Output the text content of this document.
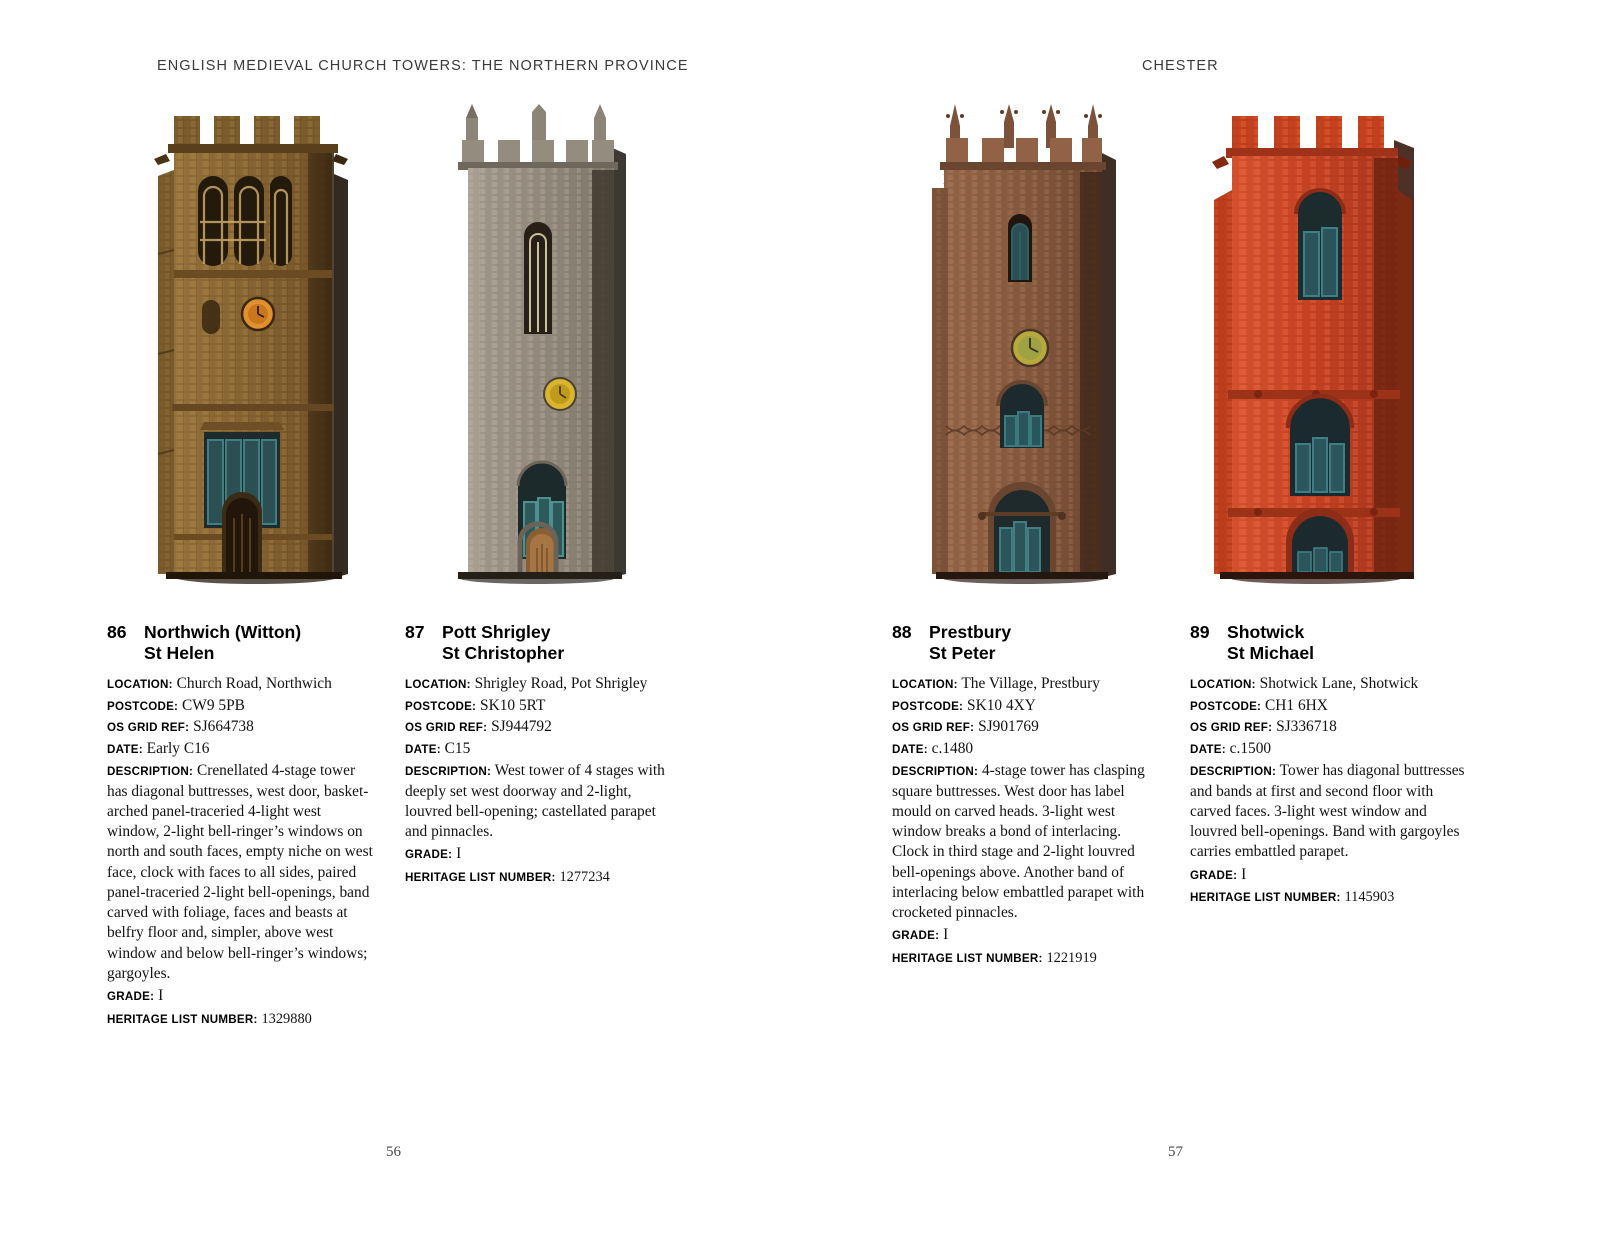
ENGLISH MEDIEVAL CHURCH TOWERS: THE NORTHERN PROVINCE
86 Northwich (Witton)
St Helen

LOCATION: Church Road, Northwich

POSTCODE: CW9 5PB

OS GRID REF: SJ664738

DATE: Early C16

DESCRIPTION: Crenellated 4-stage tower has diagonal buttresses, west door, basket-arched panel-traceried 4-light west window, 2-light bell-ringer’s windows on north and south faces, empty niche on west face, clock with faces to all sides, paired panel-traceried 2-light bell-openings, band carved with foliage, faces and beasts at belfry floor and, simpler, above west window and below bell-ringer’s windows; gargoyles.

GRADE: I

HERITAGE LIST NUMBER: 1329880

87 Pott Shrigley
St Christopher

LOCATION: Shrigley Road, Pot Shrigley

POSTCODE: SK10 5RT

OS GRID REF: SJ944792

DATE: C15

DESCRIPTION: West tower of 4 stages with deeply set west doorway and 2-light, louvred bell-opening; castellated parapet and pinnacles.

GRADE: I

HERITAGE LIST NUMBER: 1277234

56
CHESTER
88 Prestbury
St Peter

LOCATION: The Village, Prestbury

POSTCODE: SK10 4XY

OS GRID REF: SJ901769

DATE: c.1480

DESCRIPTION: 4-stage tower has clasping square buttresses. West door has label mould on carved heads. 3-light west window breaks a bond of interlacing. Clock in third stage and 2-light louvred bell-openings above. Another band of interlacing below embattled parapet with crocketed pinnacles.

GRADE: I

HERITAGE LIST NUMBER: 1221919

89 Shotwick
St Michael

LOCATION: Shotwick Lane, Shotwick

POSTCODE: CH1 6HX

OS GRID REF: SJ336718

DATE: c.1500

DESCRIPTION: Tower has diagonal buttresses and bands at first and second floor with carved faces. 3-light west window and louvred bell-openings. Band with gargoyles carries embattled parapet.

GRADE: I

HERITAGE LIST NUMBER: 1145903

57
